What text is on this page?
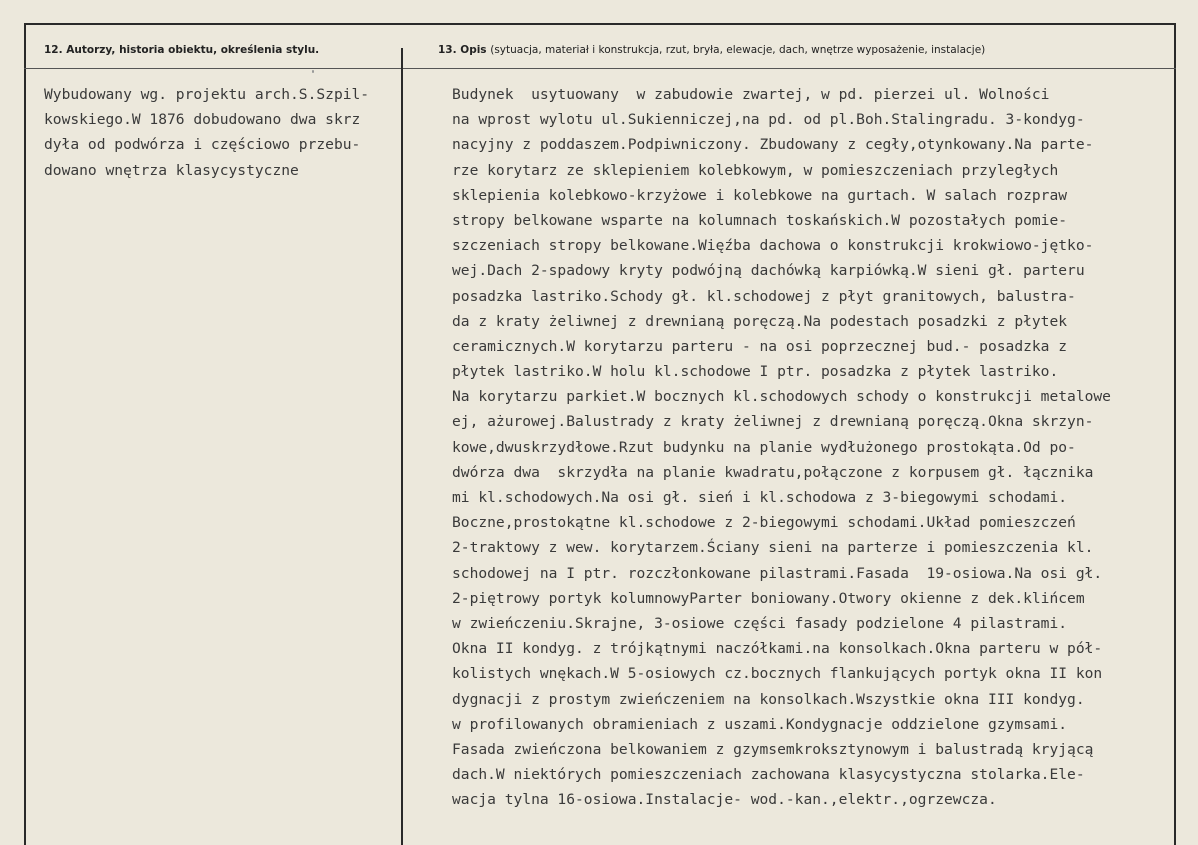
12. Autorzy, historia obiektu, określenia stylu.	13. Opis (sytuacja, materiał i konstrukcja, rzut, bryła, elewacje, dach, wnętrze wyposażenie, instalacje)
Wybudowany wg. projektu arch.S.Szpil-
kowskiego.W 1876 dobudowano dwa skrz
dyła od podwórza i częściowo przebu-
dowano wnętrza klasycystyczne
Budynek  usytuowany  w zabudowie zwartej, w pd. pierzei ul. Wolności
na wprost wylotu ul.Sukienniczej,na pd. od pl.Boh.Stalingradu. 3-kondyg-
nacyjny z poddaszem.Podpiwniczony. Zbudowany z cegły,otynkowany.Na parte-
rze korytarz ze sklepieniem kolebkowym, w pomieszczeniach przyległych
sklepienia kolebkowo-krzyżowe i kolebkowe na gurtach. W salach rozpraw
stropy belkowane wsparte na kolumnach toskańskich.W pozostałych pomie-
szczeniach stropy belkowane.Więźba dachowa o konstrukcji krokwiowo-jętko-
wej.Dach 2-spadowy kryty podwójną dachówką karpiówką.W sieni gł. parteru
posadzka lastriko.Schody gł. kl.schodowej z płyt granitowych, balustra-
da z kraty żeliwnej z drewnianą poręczą.Na podestach posadzki z płytek
ceramicznych.W korytarzu parteru - na osi poprzecznej bud.- posadzka z
płytek lastriko.W holu kl.schodowe I ptr. posadzka z płytek lastriko.
Na korytarzu parkiet.W bocznych kl.schodowych schody o konstrukcji metalowe
ej, ażurowej.Balustrady z kraty żeliwnej z drewnianą poręczą.Okna skrzyn-
kowe,dwuskrzydłowe.Rzut budynku na planie wydłużonego prostokąta.Od po-
dwórza dwa  skrzydła na planie kwadratu,połączone z korpusem gł. łącznika
mi kl.schodowych.Na osi gł. sień i kl.schodowa z 3-biegowymi schodami.
Boczne,prostokątne kl.schodowe z 2-biegowymi schodami.Układ pomieszczeń
2-traktowy z wew. korytarzem.Ściany sieni na parterze i pomieszczenia kl.
schodowej na I ptr. rozczłonkowane pilastrami.Fasada  19-osiowa.Na osi gł.
2-piętrowy portyk kolumnowyParter boniowany.Otwory okienne z dek.klińcem
w zwieńczeniu.Skrajne, 3-osiowe części fasady podzielone 4 pilastrami.
Okna II kondyg. z trójkątnymi naczółkami.na konsolkach.Okna parteru w pół-
kolistych wnękach.W 5-osiowych cz.bocznych flankujących portyk okna II kon
dygnacji z prostym zwieńczeniem na konsolkach.Wszystkie okna III kondyg.
w profilowanych obramieniach z uszami.Kondygnacje oddzielone gzymsami.
Fasada zwieńczona belkowaniem z gzymsemkroksztynowym i balustradą kryjącą
dach.W niektórych pomieszczeniach zachowana klasycystyczna stolarka.Ele-
wacja tylna 16-osiowa.Instalacje- wod.-kan.,elektr.,ogrzewcza.
